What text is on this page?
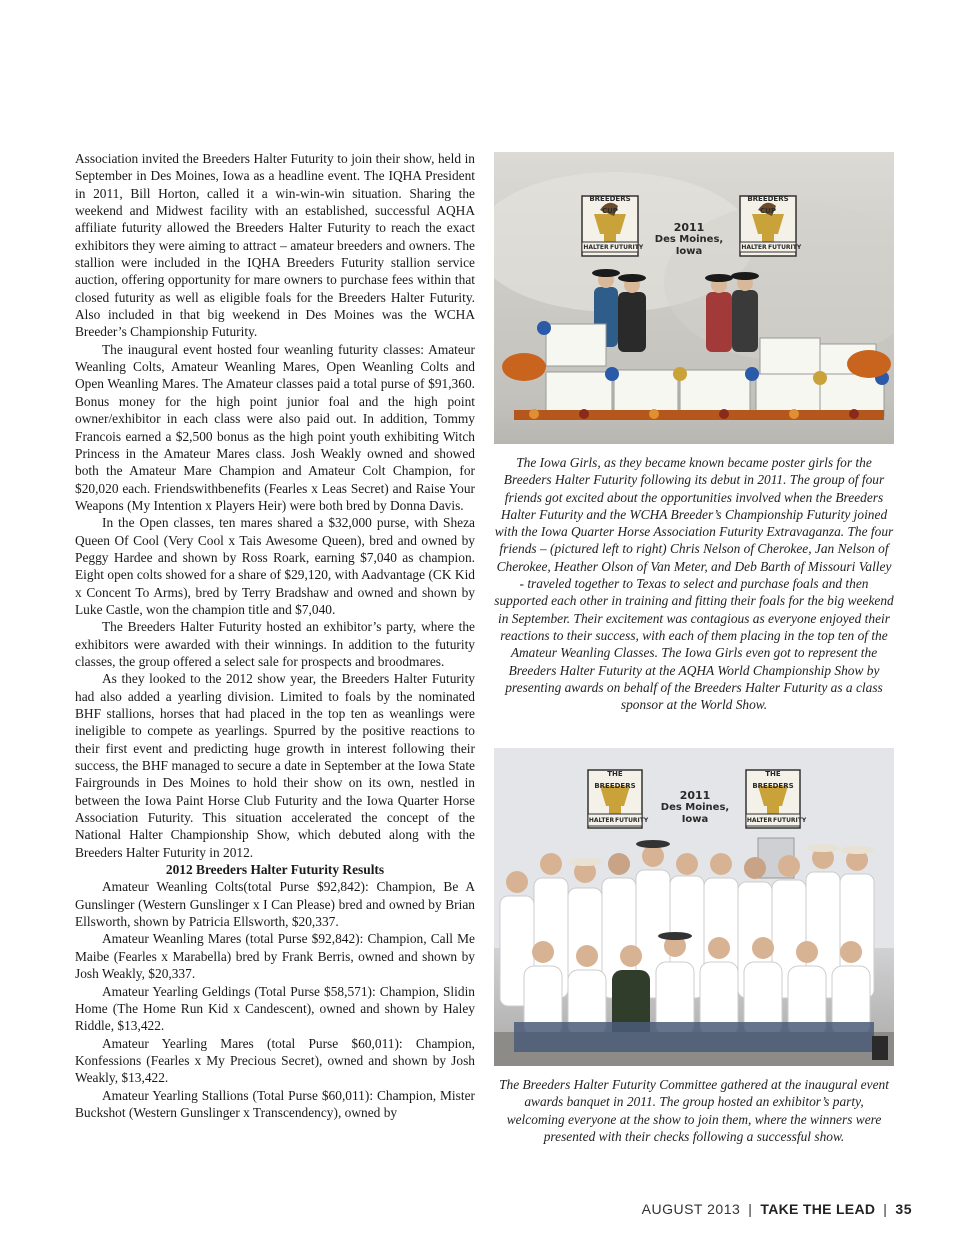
Association invited the Breeders Halter Futurity to join their show, held in September in Des Moines, Iowa as a headline event. The IQHA President in 2011, Bill Horton, called it a win-win-win situation. Sharing the weekend and Midwest facility with an established, successful AQHA affiliate futurity allowed the Breeders Halter Futurity to reach the exact exhibitors they were aiming to attract – amateur breeders and owners. The stallion were included in the IQHA Breeders Futurity stallion service auction, offering opportunity for mare owners to purchase fees within that closed futurity as well as eligible foals for the Breeders Halter Futurity. Also included in that big weekend in Des Moines was the WCHA Breeder’s Championship Futurity.

The inaugural event hosted four weanling futurity classes: Amateur Weanling Colts, Amateur Weanling Mares, Open Weanling Colts and Open Weanling Mares. The Amateur classes paid a total purse of $91,360. Bonus money for the high point junior foal and the high point owner/exhibitor in each class were also paid out. In addition, Tommy Francois earned a $2,500 bonus as the high point youth exhibiting Witch Princess in the Amateur Mares class. Josh Weakly owned and showed both the Amateur Mare Champion and Amateur Colt Champion, for $20,020 each. Friendswithbenefits (Fearles x Leas Secret) and Raise Your Weapons (My Intention x Players Heir) were both bred by Donna Davis.

In the Open classes, ten mares shared a $32,000 purse, with Sheza Queen Of Cool (Very Cool x Tais Awesome Queen), bred and owned by Peggy Hardee and shown by Ross Roark, earning $7,040 as champion. Eight open colts showed for a share of $29,120, with Aadvantage (CK Kid x Concent To Arms), bred by Terry Bradshaw and owned and shown by Luke Castle, won the champion title and $7,040.

The Breeders Halter Futurity hosted an exhibitor’s party, where the exhibitors were awarded with their winnings. In addition to the futurity classes, the group offered a select sale for prospects and broodmares.

As they looked to the 2012 show year, the Breeders Halter Futurity had also added a yearling division. Limited to foals by the nominated BHF stallions, horses that had placed in the top ten as weanlings were ineligible to compete as yearlings. Spurred by the positive reactions to their first event and predicting huge growth in interest following their success, the BHF managed to secure a date in September at the Iowa State Fairgrounds in Des Moines to hold their show on its own, nestled in between the Iowa Paint Horse Club Futurity and the Iowa Quarter Horse Association Futurity. This situation accelerated the concept of the National Halter Championship Show, which debuted along with the Breeders Halter Futurity in 2012.

2012 Breeders Halter Futurity Results

Amateur Weanling Colts(total Purse $92,842): Champion, Be A Gunslinger (Western Gunslinger x I Can Please) bred and owned by Brian Ellsworth, shown by Patricia Ellsworth, $20,337.

Amateur Weanling Mares (total Purse $92,842): Champion, Call Me Maibe (Fearles x Marabella) bred by Frank Berris, owned and shown by Josh Weakly, $20,337.

Amateur Yearling Geldings (Total Purse $58,571): Champion, Slidin Home (The Home Run Kid x Candescent), owned and shown by Haley Riddle, $13,422.

Amateur Yearling Mares (total Purse $60,011): Champion, Konfessions (Fearles x My Precious Secret), owned and shown by Josh Weakly, $13,422.

Amateur Yearling Stallions (Total Purse $60,011): Champion, Mister Buckshot (Western Gunslinger x Transcendency), owned by

2011
Des Moines, Iowa
BREEDERS CUP
HALTER FUTURITY
BREEDERS CUP
HALTER FUTURITY
The Iowa Girls, as they became known became poster girls for the Breeders Halter Futurity following its debut in 2011. The group of four friends got excited about the opportunities involved when the Breeders Halter Futurity and the WCHA Breeder’s Championship Futurity joined with the Iowa Quarter Horse Association Futurity Extravaganza. The four friends – (pictured left to right) Chris Nelson of Cherokee, Jan Nelson of Cherokee, Heather Olson of Van Meter, and Deb Barth of Missouri Valley - traveled together to Texas to select and purchase foals and then supported each other in training and fitting their foals for the big weekend in September. Their excitement was contagious as everyone enjoyed their reactions to their success, with each of them placing in the top ten of the Amateur Weanling Classes. The Iowa Girls even got to represent the Breeders Halter Futurity at the AQHA World Championship Show by presenting awards on behalf of the Breeders Halter Futurity as a class sponsor at the World Show.
2011
Des Moines, Iowa
THE BREEDERS
HALTER FUTURITY
THE BREEDERS
HALTER FUTURITY
The Breeders Halter Futurity Committee gathered at the inaugural event awards banquet in 2011. The group hosted an exhibitor’s party, welcoming everyone at the show to join them, where the winners were presented with their checks following a successful show.
AUGUST 2013 | TAKE THE LEAD | 35
